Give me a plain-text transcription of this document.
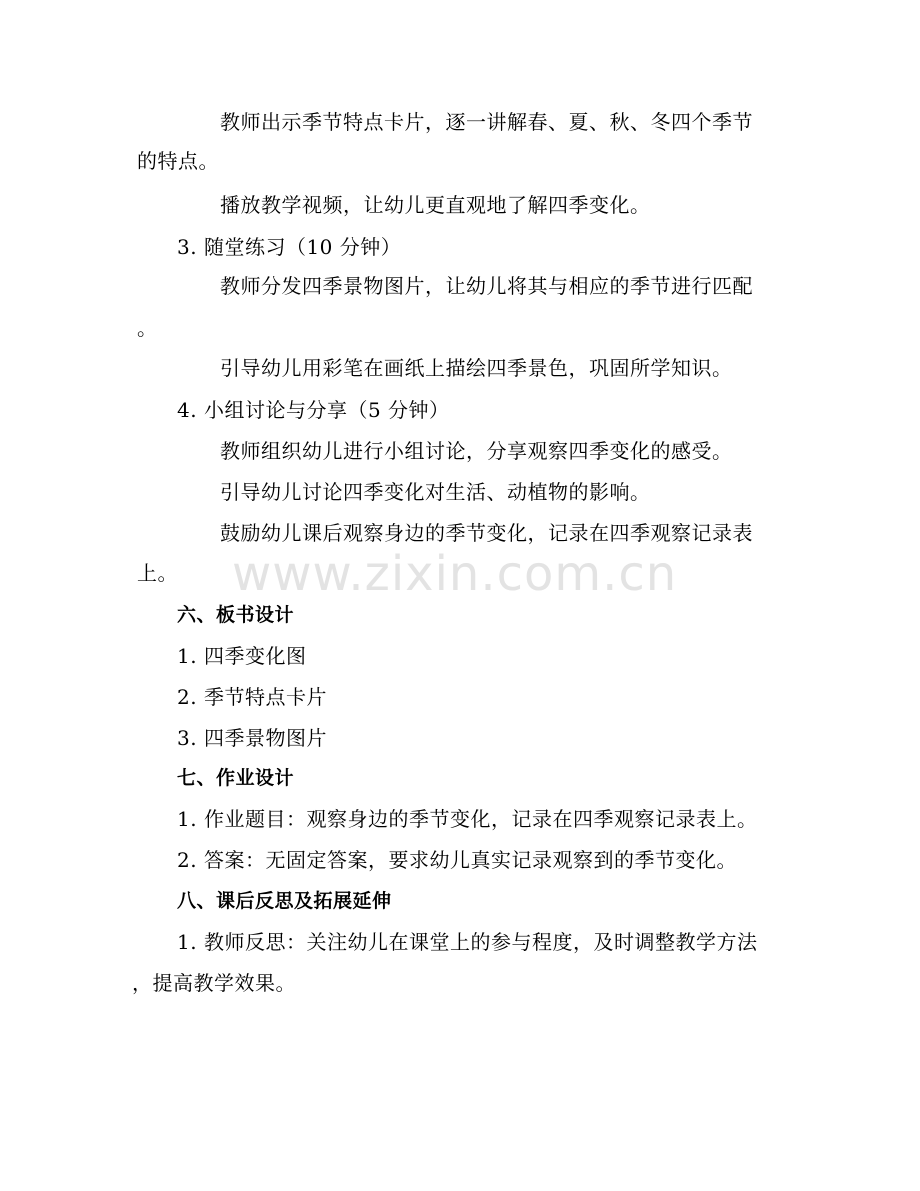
www.zixin.com.cn
教师出示季节特点卡片，逐一讲解春、夏、秋、冬四个季节
的特点。
播放教学视频，让幼儿更直观地了解四季变化。
3. 随堂练习（10 分钟）
教师分发四季景物图片，让幼儿将其与相应的季节进行匹配
。
引导幼儿用彩笔在画纸上描绘四季景色，巩固所学知识。
4. 小组讨论与分享（5 分钟）
教师组织幼儿进行小组讨论，分享观察四季变化的感受。
引导幼儿讨论四季变化对生活、动植物的影响。
鼓励幼儿课后观察身边的季节变化，记录在四季观察记录表
上。
六、板书设计
1. 四季变化图
2. 季节特点卡片
3. 四季景物图片
七、作业设计
1. 作业题目：观察身边的季节变化，记录在四季观察记录表上。
2. 答案：无固定答案，要求幼儿真实记录观察到的季节变化。
八、课后反思及拓展延伸
1. 教师反思：关注幼儿在课堂上的参与程度，及时调整教学方法
，提高教学效果。
